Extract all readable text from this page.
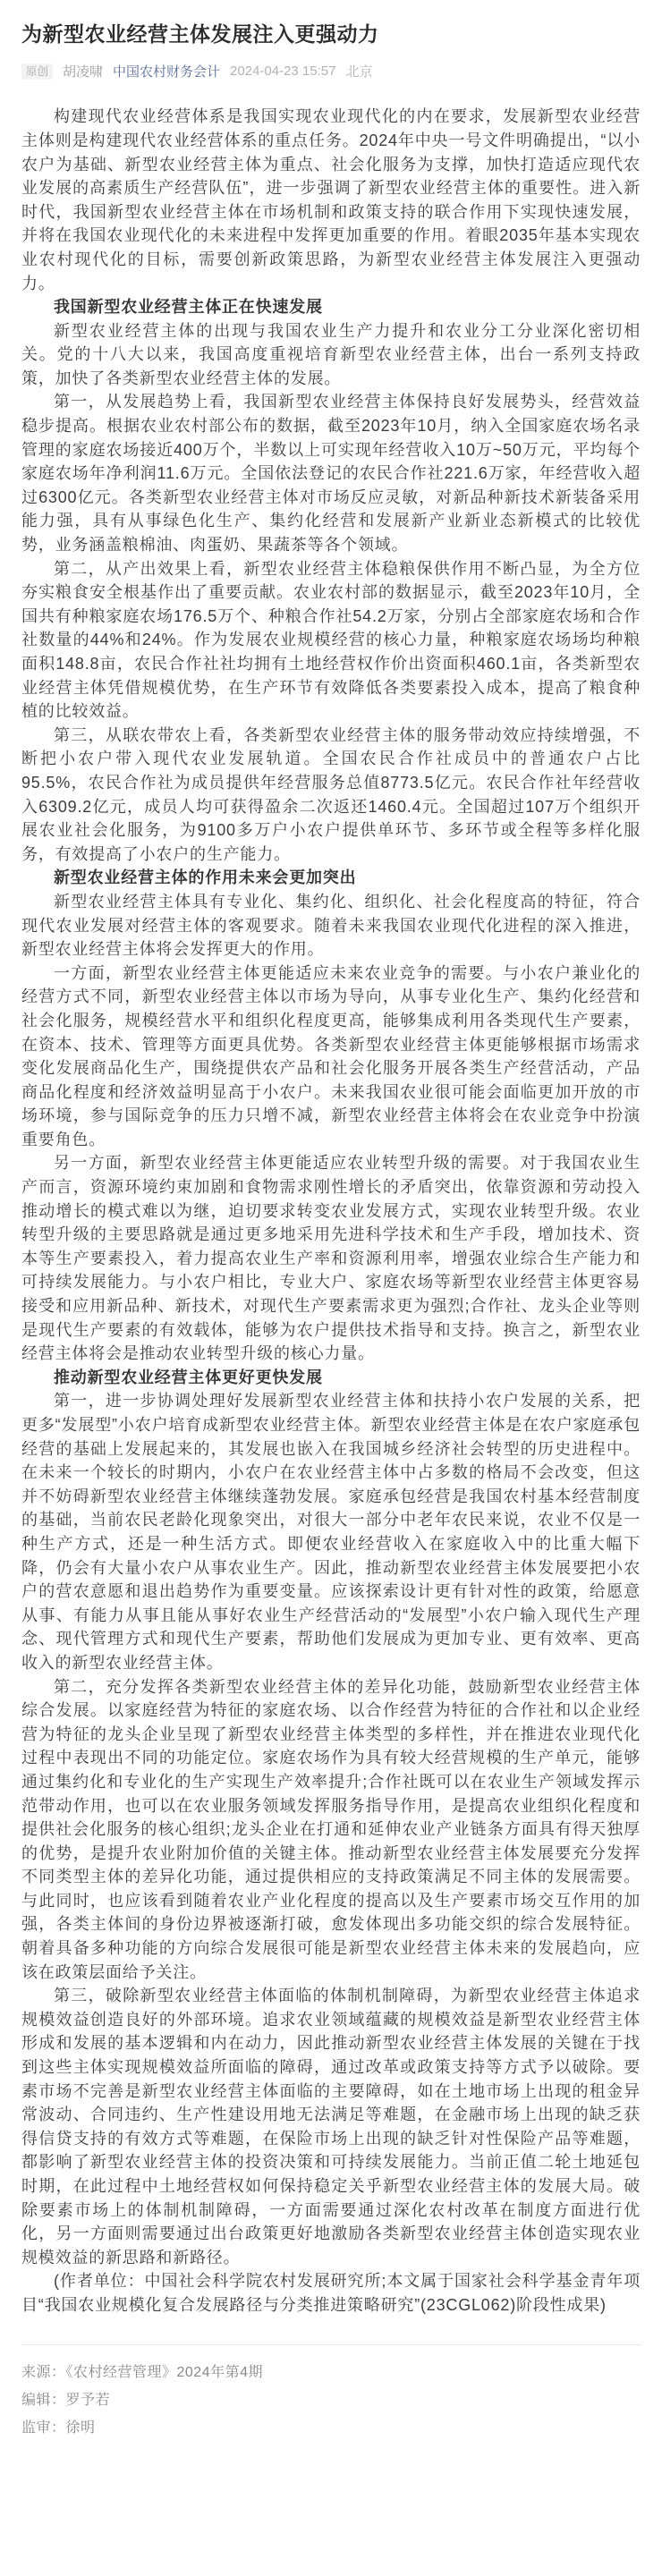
为新型农业经营主体发展注入更强动力
原创	胡凌啸 中国农村财务会计 2024-04-23 15:57 北京

构建现代农业经营体系是我国实现农业现代化的内在要求，发展新型农业经营主体则是构建现代农业经营体系的重点任务。2024年中央一号文件明确提出，“以小农户为基础、新型农业经营主体为重点、社会化服务为支撑，加快打造适应现代农业发展的高素质生产经营队伍”，进一步强调了新型农业经营主体的重要性。进入新时代，我国新型农业经营主体在市场机制和政策支持的联合作用下实现快速发展，并将在我国农业现代化的未来进程中发挥更加重要的作用。着眼2035年基本实现农业农村现代化的目标，需要创新政策思路，为新型农业经营主体发展注入更强动力。

我国新型农业经营主体正在快速发展

新型农业经营主体的出现与我国农业生产力提升和农业分工分业深化密切相关。党的十八大以来，我国高度重视培育新型农业经营主体，出台一系列支持政策，加快了各类新型农业经营主体的发展。

第一，从发展趋势上看，我国新型农业经营主体保持良好发展势头，经营效益稳步提高。根据农业农村部公布的数据，截至2023年10月，纳入全国家庭农场名录管理的家庭农场接近400万个，半数以上可实现年经营收入10万~50万元，平均每个家庭农场年净利润11.6万元。全国依法登记的农民合作社221.6万家，年经营收入超过6300亿元。各类新型农业经营主体对市场反应灵敏，对新品种新技术新装备采用能力强，具有从事绿色化生产、集约化经营和发展新产业新业态新模式的比较优势，业务涵盖粮棉油、肉蛋奶、果蔬茶等各个领域。

第二，从产出效果上看，新型农业经营主体稳粮保供作用不断凸显，为全方位夯实粮食安全根基作出了重要贡献。农业农村部的数据显示，截至2023年10月，全国共有种粮家庭农场176.5万个、种粮合作社54.2万家，分别占全部家庭农场和合作社数量的44%和24%。作为发展农业规模经营的核心力量，种粮家庭农场场均种粮面积148.8亩，农民合作社社均拥有土地经营权作价出资面积460.1亩，各类新型农业经营主体凭借规模优势，在生产环节有效降低各类要素投入成本，提高了粮食种植的比较效益。

第三，从联农带农上看，各类新型农业经营主体的服务带动效应持续增强，不断把小农户带入现代农业发展轨道。全国农民合作社成员中的普通农户占比95.5%，农民合作社为成员提供年经营服务总值8773.5亿元。农民合作社年经营收入6309.2亿元，成员人均可获得盈余二次返还1460.4元。全国超过107万个组织开展农业社会化服务，为9100多万户小农户提供单环节、多环节或全程等多样化服务，有效提高了小农户的生产能力。

新型农业经营主体的作用未来会更加突出

新型农业经营主体具有专业化、集约化、组织化、社会化程度高的特征，符合现代农业发展对经营主体的客观要求。随着未来我国农业现代化进程的深入推进，新型农业经营主体将会发挥更大的作用。

一方面，新型农业经营主体更能适应未来农业竞争的需要。与小农户兼业化的经营方式不同，新型农业经营主体以市场为导向，从事专业化生产、集约化经营和社会化服务，规模经营水平和组织化程度更高，能够集成利用各类现代生产要素，在资本、技术、管理等方面更具优势。各类新型农业经营主体更能够根据市场需求变化发展商品化生产，围绕提供农产品和社会化服务开展各类生产经营活动，产品商品化程度和经济效益明显高于小农户。未来我国农业很可能会面临更加开放的市场环境，参与国际竞争的压力只增不减，新型农业经营主体将会在农业竞争中扮演重要角色。

另一方面，新型农业经营主体更能适应农业转型升级的需要。对于我国农业生产而言，资源环境约束加剧和食物需求刚性增长的矛盾突出，依靠资源和劳动投入推动增长的模式难以为继，迫切要求转变农业发展方式，实现农业转型升级。农业转型升级的主要思路就是通过更多地采用先进科学技术和生产手段，增加技术、资本等生产要素投入，着力提高农业生产率和资源利用率，增强农业综合生产能力和可持续发展能力。与小农户相比，专业大户、家庭农场等新型农业经营主体更容易接受和应用新品种、新技术，对现代生产要素需求更为强烈;合作社、龙头企业等则是现代生产要素的有效载体，能够为农户提供技术指导和支持。换言之，新型农业经营主体将会是推动农业转型升级的核心力量。

推动新型农业经营主体更好更快发展

第一，进一步协调处理好发展新型农业经营主体和扶持小农户发展的关系，把更多“发展型”小农户培育成新型农业经营主体。新型农业经营主体是在农户家庭承包经营的基础上发展起来的，其发展也嵌入在我国城乡经济社会转型的历史进程中。在未来一个较长的时期内，小农户在农业经营主体中占多数的格局不会改变，但这并不妨碍新型农业经营主体继续蓬勃发展。家庭承包经营是我国农村基本经营制度的基础，当前农民老龄化现象突出，对很大一部分中老年农民来说，农业不仅是一种生产方式，还是一种生活方式。即便农业经营收入在家庭收入中的比重大幅下降，仍会有大量小农户从事农业生产。因此，推动新型农业经营主体发展要把小农户的营农意愿和退出趋势作为重要变量。应该探索设计更有针对性的政策，给愿意从事、有能力从事且能从事好农业生产经营活动的“发展型”小农户输入现代生产理念、现代管理方式和现代生产要素，帮助他们发展成为更加专业、更有效率、更高收入的新型农业经营主体。

第二，充分发挥各类新型农业经营主体的差异化功能，鼓励新型农业经营主体综合发展。以家庭经营为特征的家庭农场、以合作经营为特征的合作社和以企业经营为特征的龙头企业呈现了新型农业经营主体类型的多样性，并在推进农业现代化过程中表现出不同的功能定位。家庭农场作为具有较大经营规模的生产单元，能够通过集约化和专业化的生产实现生产效率提升;合作社既可以在农业生产领域发挥示范带动作用，也可以在农业服务领域发挥服务指导作用，是提高农业组织化程度和提供社会化服务的核心组织;龙头企业在打通和延伸农业产业链条方面具有得天独厚的优势，是提升农业附加价值的关键主体。推动新型农业经营主体发展要充分发挥不同类型主体的差异化功能，通过提供相应的支持政策满足不同主体的发展需要。与此同时，也应该看到随着农业产业化程度的提高以及生产要素市场交互作用的加强，各类主体间的身份边界被逐渐打破，愈发体现出多功能交织的综合发展特征。朝着具备多种功能的方向综合发展很可能是新型农业经营主体未来的发展趋向，应该在政策层面给予关注。

第三，破除新型农业经营主体面临的体制机制障碍，为新型农业经营主体追求规模效益创造良好的外部环境。追求农业领域蕴藏的规模效益是新型农业经营主体形成和发展的基本逻辑和内在动力，因此推动新型农业经营主体发展的关键在于找到这些主体实现规模效益所面临的障碍，通过改革或政策支持等方式予以破除。要素市场不完善是新型农业经营主体面临的主要障碍，如在土地市场上出现的租金异常波动、合同违约、生产性建设用地无法满足等难题，在金融市场上出现的缺乏获得信贷支持的有效方式等难题，在保险市场上出现的缺乏针对性保险产品等难题，都影响了新型农业经营主体的投资决策和可持续发展能力。当前正值二轮土地延包时期，在此过程中土地经营权如何保持稳定关乎新型农业经营主体的发展大局。破除要素市场上的体制机制障碍，一方面需要通过深化农村改革在制度方面进行优化，另一方面则需要通过出台政策更好地激励各类新型农业经营主体创造实现农业规模效益的新思路和新路径。

(作者单位：中国社会科学院农村发展研究所;本文属于国家社会科学基金青年项目“我国农业规模化复合发展路径与分类推进策略研究”(23CGL062)阶段性成果)

来源：《农村经营管理》2024年第4期
编辑：罗予若
监审：徐明
